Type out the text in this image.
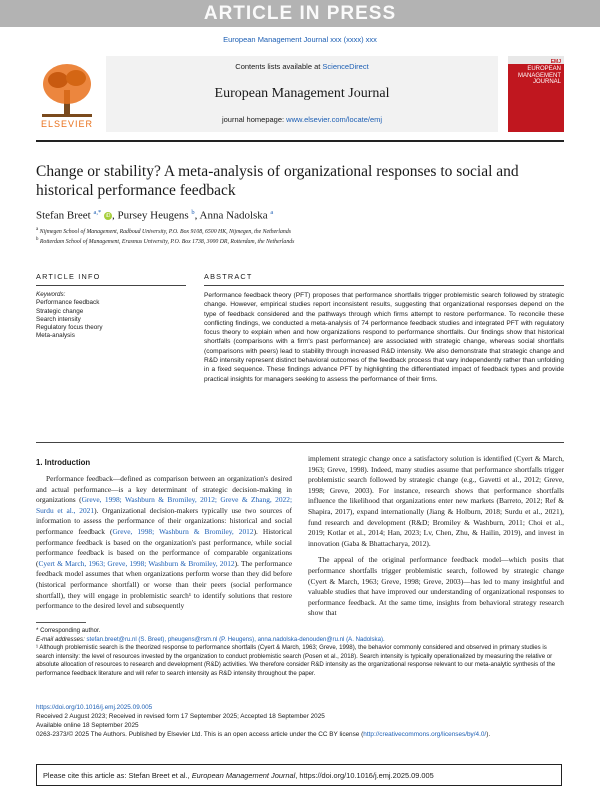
ARTICLE IN PRESS
European Management Journal xxx (xxxx) xxx
ELSEVIER
Contents lists available at ScienceDirect
European Management Journal
journal homepage: www.elsevier.com/locate/emj
EMJ
EUROPEAN MANAGEMENT JOURNAL
Change or stability? A meta-analysis of organizational responses to social and historical performance feedback
Stefan Breet $^{a,*}$ iD , Pursey Heugens $^b$, Anna Nadolska $^a$
$^a$ Nijmegen School of Management, Radboud University, P.O. Box 9108, 6500 HK, Nijmegen, the Netherlands
$^b$ Rotterdam School of Management, Erasmus University, P.O. Box 1738, 3000 DR, Rotterdam, the Netherlands
ARTICLE INFO	ABSTRACT
Keywords:
Performance feedback
Strategic change
Search intensity
Regulatory focus theory
Meta-analysis
Performance feedback theory (PFT) proposes that performance shortfalls trigger problemistic search followed by strategic change. However, empirical studies report inconsistent results, suggesting that organizational responses depend on the type of feedback considered and the pathways through which firms attempt to restore performance. To reconcile these conflicting findings, we conducted a meta-analysis of 74 performance feedback studies and integrated PFT with regulatory focus theory to explain when and how organizations respond to performance shortfalls. Our findings show that historical shortfalls (comparisons with a firm's past performance) are associated with strategic change, whereas social shortfalls (comparisons with peers) lead to stability through increased R&D intensity. We also demonstrate that strategic change and R&D intensity represent distinct behavioral outcomes of the feedback process that vary independently rather than unfolding in a fixed sequence. These findings advance PFT by highlighting the differentiated impact of feedback types and provide practical insights for managers seeking to assess the performance of their firms.
1. Introduction

Performance feedback—defined as comparison between an organization's desired and actual performance—is a key determinant of strategic decision-making in organizations (Greve, 1998; Washburn & Bromiley, 2012; Greve & Zhang, 2022; Surdu et al., 2021). Organizational decision-makers typically use two sources of information to assess the performance of their organizations: historical and social performance feedback (Greve, 1998; Washburn & Bromiley, 2012). Historical performance feedback is based on the organization's past performance, while social performance feedback is based on the performance of comparable organizations (Cyert & March, 1963; Greve, 1998; Washburn & Bromiley, 2012). The performance feedback model assumes that when organizations perform worse than they did before (historical performance shortfall) or worse than their peers (social performance shortfall), they will engage in problemistic search¹ to identify solutions that restore performance to the desired level and subsequently

implement strategic change once a satisfactory solution is identified (Cyert & March, 1963; Greve, 1998). Indeed, many studies assume that performance shortfalls trigger problemistic search followed by strategic change (e.g., Gavetti et al., 2012; Greve, 1998; Greve, 2003). For instance, research shows that performance shortfalls influence the likelihood that organizations enter new markets (Barreto, 2012; Ref & Shapira, 2017), expand internationally (Jiang & Holburn, 2018; Surdu et al., 2021), fund research and development (R&D; Bromiley & Washburn, 2011; Choi et al., 2019; Kotlar et al., 2014; Han, 2023; Lv, Chen, Zhu, & Hailin, 2019), and invest in innovation (Gaba & Bhattacharya, 2012).

The appeal of the original performance feedback model—which posits that performance shortfalls trigger problemistic search, followed by strategic change (Cyert & March, 1963; Greve, 1998; Greve, 2003)—has led to many insightful and valuable studies that have improved our understanding of organizational responses to performance feedback. At the same time, insights from behavioral strategy research show that

* Corresponding author.

E-mail addresses: stefan.breet@ru.nl (S. Breet), pheugens@rsm.nl (P. Heugens), anna.nadolska-denouden@ru.nl (A. Nadolska).

¹ Although problemistic search is the theorized response to performance shortfalls (Cyert & March, 1963; Greve, 1998), the behavior commonly considered and observed in primary studies is search intensity: the level of resources invested by the organization to conduct problemistic search (Posen et al., 2018). Search intensity is typically operationalized by measuring the relative or absolute allocation of resources to research and development (R&D) activities. We therefore consider R&D intensity as the organizational response relevant to our meta-analytic synthesis of the performance feedback literature and will refer to search intensity as R&D intensity throughout the paper.

https://doi.org/10.1016/j.emj.2025.09.005

Received 2 August 2023; Received in revised form 17 September 2025; Accepted 18 September 2025

Available online 18 September 2025

0263-2373/© 2025 The Authors. Published by Elsevier Ltd. This is an open access article under the CC BY license (http://creativecommons.org/licenses/by/4.0/).

Please cite this article as: Stefan Breet et al., European Management Journal, https://doi.org/10.1016/j.emj.2025.09.005
